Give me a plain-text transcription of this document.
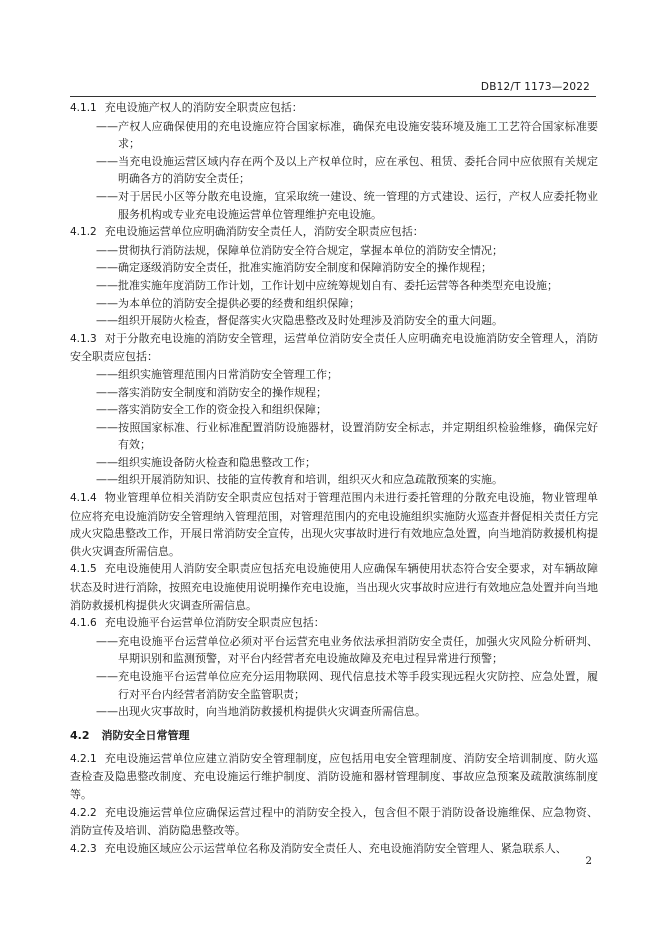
DB12/T 1173—2022

4.1.1 充电设施产权人的消防安全职责应包括：

——产权人应确保使用的充电设施应符合国家标准，确保充电设施安装环境及施工工艺符合国家标准要求；

——当充电设施运营区域内存在两个及以上产权单位时，应在承包、租赁、委托合同中应依照有关规定明确各方的消防安全责任；

——对于居民小区等分散充电设施，宜采取统一建设、统一管理的方式建设、运行，产权人应委托物业服务机构或专业充电设施运营单位管理维护充电设施。

4.1.2 充电设施运营单位应明确消防安全责任人，消防安全职责应包括：

——贯彻执行消防法规，保障单位消防安全符合规定，掌握本单位的消防安全情况；

——确定逐级消防安全责任，批准实施消防安全制度和保障消防安全的操作规程；

——批准实施年度消防工作计划，工作计划中应统筹规划自有、委托运营等各种类型充电设施；

——为本单位的消防安全提供必要的经费和组织保障；

——组织开展防火检查，督促落实火灾隐患整改及时处理涉及消防安全的重大问题。

4.1.3 对于分散充电设施的消防安全管理，运营单位消防安全责任人应明确充电设施消防安全管理人，消防安全职责应包括：

——组织实施管理范围内日常消防安全管理工作；

——落实消防安全制度和消防安全的操作规程；

——落实消防安全工作的资金投入和组织保障；

——按照国家标准、行业标准配置消防设施器材，设置消防安全标志，并定期组织检验维修，确保完好有效；

——组织实施设备防火检查和隐患整改工作；

——组织开展消防知识、技能的宣传教育和培训，组织灭火和应急疏散预案的实施。

4.1.4 物业管理单位相关消防安全职责应包括对于管理范围内未进行委托管理的分散充电设施，物业管理单位应将充电设施消防安全管理纳入管理范围，对管理范围内的充电设施组织实施防火巡查并督促相关责任方完成火灾隐患整改工作，开展日常消防安全宣传，出现火灾事故时进行有效地应急处置，向当地消防救援机构提供火灾调查所需信息。

4.1.5 充电设施使用人消防安全职责应包括充电设施使用人应确保车辆使用状态符合安全要求，对车辆故障状态及时进行消除，按照充电设施使用说明操作充电设施，当出现火灾事故时应进行有效地应急处置并向当地消防救援机构提供火灾调查所需信息。

4.1.6 充电设施平台运营单位消防安全职责应包括：

——充电设施平台运营单位必须对平台运营充电业务依法承担消防安全责任，加强火灾风险分析研判、早期识别和监测预警，对平台内经营者充电设施故障及充电过程异常进行预警；

——充电设施平台运营单位应充分运用物联网、现代信息技术等手段实现远程火灾防控、应急处置，履行对平台内经营者消防安全监管职责；

——出现火灾事故时，向当地消防救援机构提供火灾调查所需信息。

4.2 消防安全日常管理

4.2.1 充电设施运营单位应建立消防安全管理制度，应包括用电安全管理制度、消防安全培训制度、防火巡查检查及隐患整改制度、充电设施运行维护制度、消防设施和器材管理制度、事故应急预案及疏散演练制度等。

4.2.2 充电设施运营单位应确保运营过程中的消防安全投入，包含但不限于消防设备设施维保、应急物资、消防宣传及培训、消防隐患整改等。

4.2.3 充电设施区域应公示运营单位名称及消防安全责任人、充电设施消防安全管理人、紧急联系人、

2
